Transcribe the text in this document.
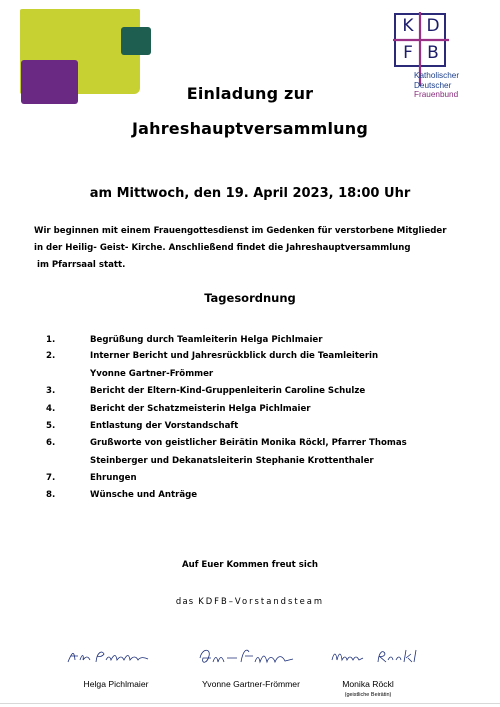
K D
F B
Katholischer
Deutscher
Frauenbund
Einladung zur
Jahreshauptversammlung
am Mittwoch, den 19. April 2023, 18:00 Uhr
Wir beginnen mit einem Frauengottesdienst im Gedenken für verstorbene Mitglieder
in der Heilig- Geist- Kirche. Anschließend findet die Jahreshauptversammlung
im Pfarrsaal statt.
Tagesordnung
1.	Begrüßung durch Teamleiterin Helga Pichlmaier
2.	Interner Bericht und Jahresrückblick durch die Teamleiterin
Yvonne Gartner-Frömmer
3.	Bericht der Eltern-Kind-Gruppenleiterin Caroline Schulze
4.	Bericht der Schatzmeisterin Helga Pichlmaier
5.	Entlastung der Vorstandschaft
6.	Grußworte von geistlicher Beirätin Monika Röckl, Pfarrer Thomas
Steinberger und Dekanatsleiterin Stephanie Krottenthaler
7.	Ehrungen
8.	Wünsche und Anträge
Auf Euer Kommen freut sich
das KDFB–Vorstandsteam
Helga Pichlmaier	Yvonne Gartner-Frömmer	Monika Röckl
(geistliche Beirätin)
